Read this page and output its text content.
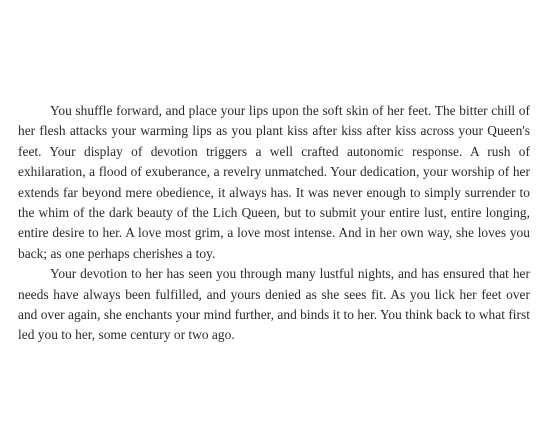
You shuffle forward, and place your lips upon the soft skin of her feet. The bitter chill of her flesh attacks your warming lips as you plant kiss after kiss after kiss across your Queen's feet. Your display of devotion triggers a well crafted autonomic response. A rush of exhilaration, a flood of exuberance, a revelry unmatched. Your dedication, your worship of her extends far beyond mere obedience, it always has. It was never enough to simply surrender to the whim of the dark beauty of the Lich Queen, but to submit your entire lust, entire longing, entire desire to her. A love most grim, a love most intense. And in her own way, she loves you back; as one perhaps cherishes a toy.

Your devotion to her has seen you through many lustful nights, and has ensured that her needs have always been fulfilled, and yours denied as she sees fit. As you lick her feet over and over again, she enchants your mind further, and binds it to her. You think back to what first led you to her, some century or two ago.
